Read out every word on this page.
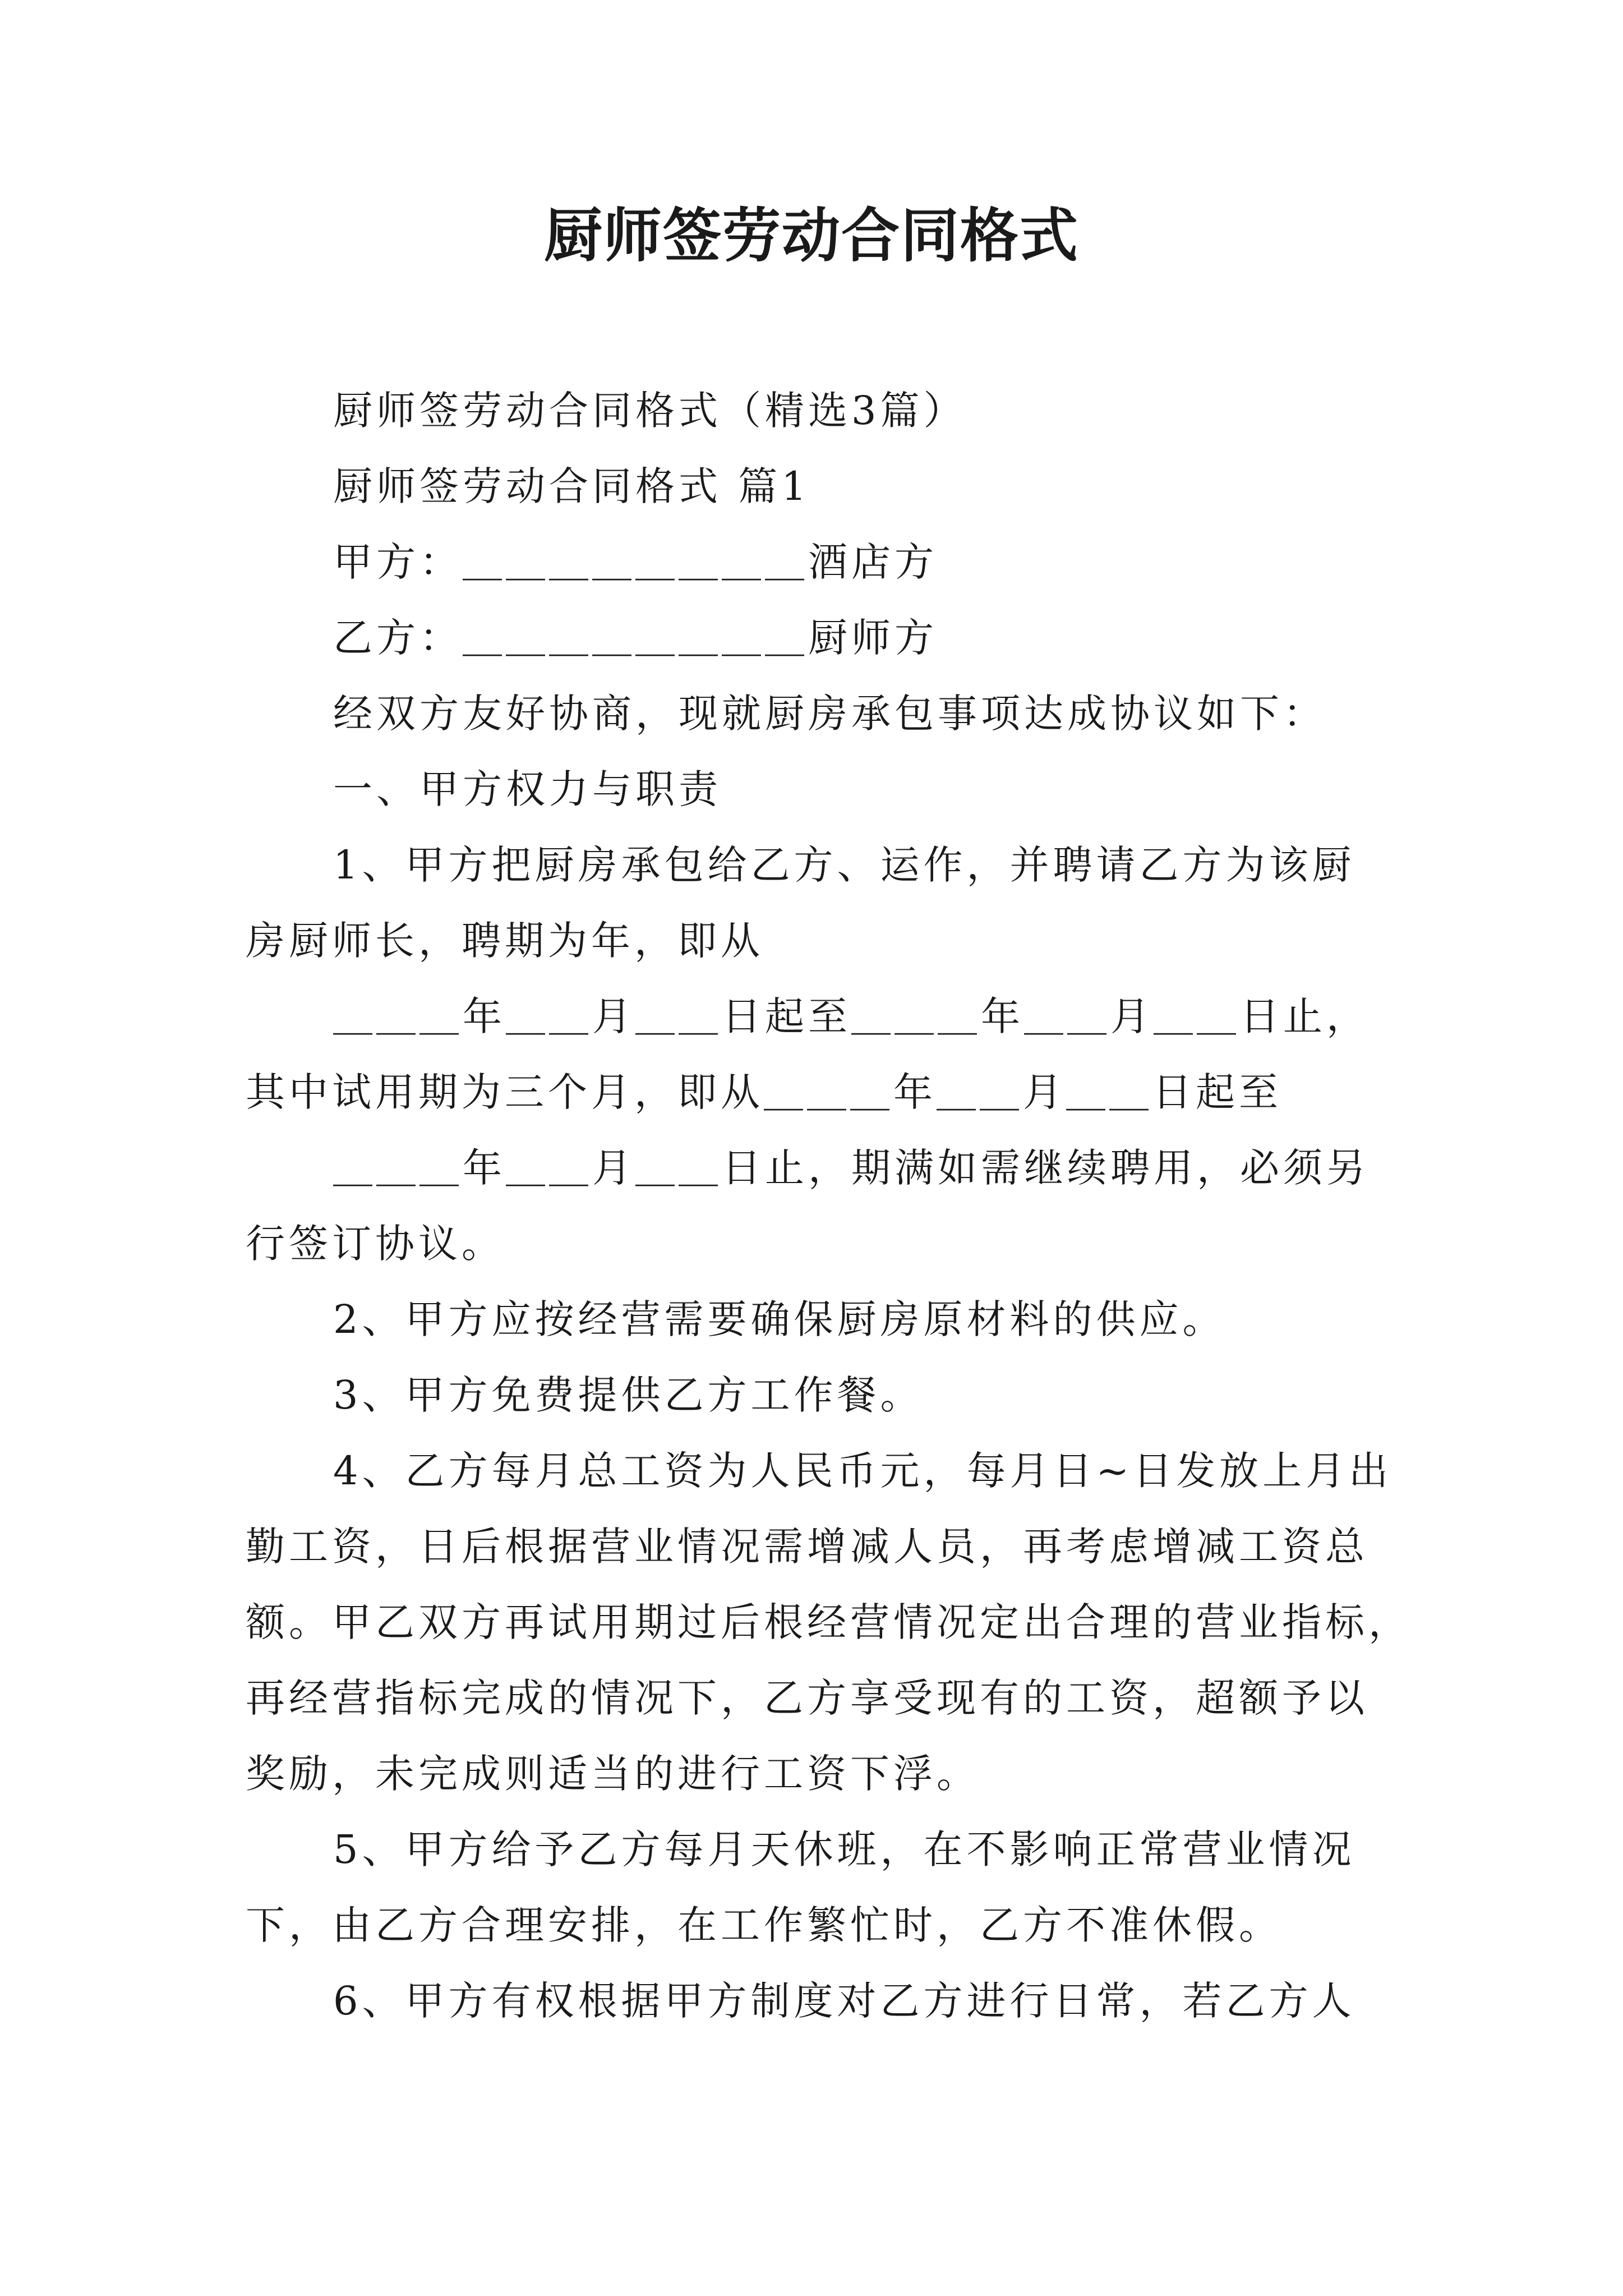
厨师签劳动合同格式

厨师签劳动合同格式（精选3篇）

厨师签劳动合同格式 篇1

甲方：＿＿＿＿＿＿＿＿酒店方

乙方：＿＿＿＿＿＿＿＿厨师方

经双方友好协商，现就厨房承包事项达成协议如下：

一、甲方权力与职责

1、甲方把厨房承包给乙方、运作，并聘请乙方为该厨

房厨师长，聘期为年，即从

＿＿＿年＿＿月＿＿日起至＿＿＿年＿＿月＿＿日止，

其中试用期为三个月，即从＿＿＿年＿＿月＿＿日起至

＿＿＿年＿＿月＿＿日止，期满如需继续聘用，必须另

行签订协议。

2、甲方应按经营需要确保厨房原材料的供应。

3、甲方免费提供乙方工作餐。

4、乙方每月总工资为人民币元，每月日~日发放上月出

勤工资，日后根据营业情况需增减人员，再考虑增减工资总

额。甲乙双方再试用期过后根经营情况定出合理的营业指标，

再经营指标完成的情况下，乙方享受现有的工资，超额予以

奖励，未完成则适当的进行工资下浮。

5、甲方给予乙方每月天休班，在不影响正常营业情况

下，由乙方合理安排，在工作繁忙时，乙方不准休假。

6、甲方有权根据甲方制度对乙方进行日常，若乙方人
